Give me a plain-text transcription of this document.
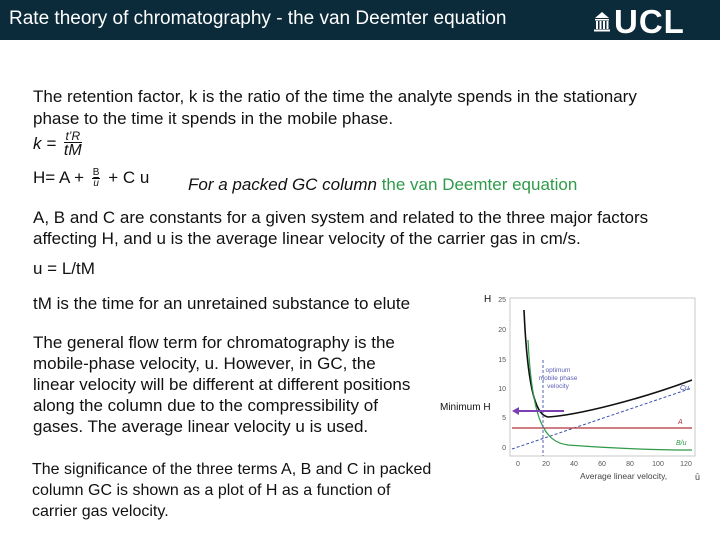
Rate theory of chromatography - the van Deemter equation	UCL
The retention factor, k is the ratio of the time the analyte spends in the stationary
phase to the time it spends in the mobile phase.
$k = \frac{t’R}{tM}$
$H= A + \frac{B}{u} + C$ u For a packed GC column the van Deemter equation
A, B and C are constants for a given system and related to the three major factors
affecting H, and u is the average linear velocity of the carrier gas in cm/s.
u = L/tM
tM is the time for an unretained substance to elute
The general flow term for chromatography is the
mobile-phase velocity, u. However, in GC, the
linear velocity will be different at different positions
along the column due to the compressibility of
gases. The average linear velocity u is used.
The significance of the three terms A, B and C in packed
column GC is shown as a plot of H as a function of
carrier gas velocity.
H
Minimum H
25
20
15
10
5
0
0	20	40	60	80	100 120
Average linear velocity,	ū
optimum
mobile phase
velocity	Cu
A
B/u
